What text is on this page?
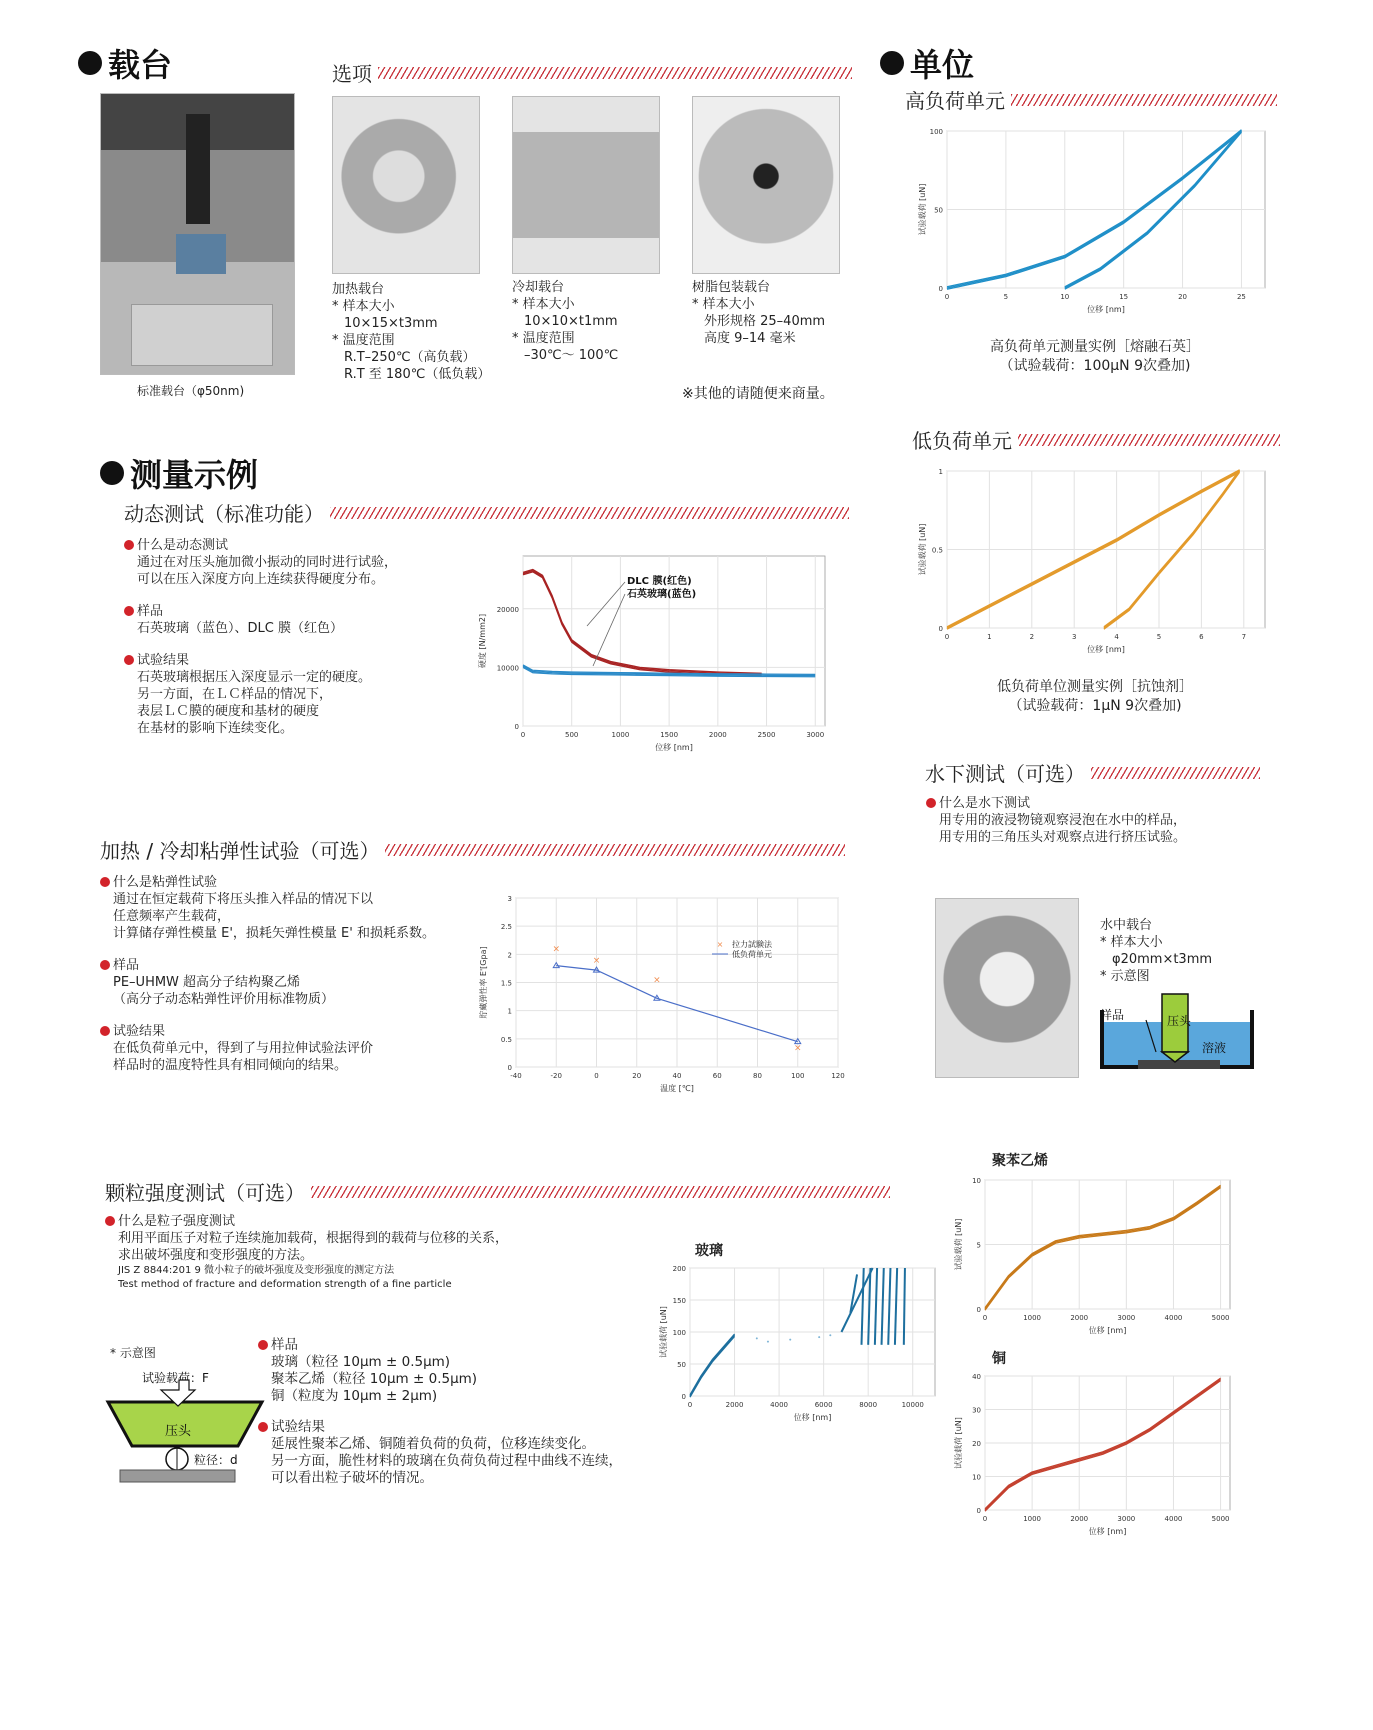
载台
标准载台（φ50nm)
选项
加热载台
* 样本大小
10×15×t3mm
* 温度范围
R.T–250℃（高负载）
R.T 至 180℃（低负载）
冷却载台
* 样本大小
10×10×t1mm
* 温度范围
–30℃～ 100℃
树脂包装载台
* 样本大小
外形规格 25–40mm
高度 9–14 毫米
※其他的请随便来商量。
单位
高负荷单元
0	5	10	15	20	25
0
50
100
位移 [nm]
试验载荷 [uN]
高负荷单元测量实例［熔融石英］
（试验载荷：100μN 9次叠加)
低负荷单元
0	1	2	3	4	5	6	7
0
0.5
1
位移 [nm]
试验载荷 [uN]
低负荷单位测量实例［抗蚀剂］
（试验载荷：1μN 9次叠加)
水下测试（可选）
什么是水下测试
用专用的液浸物镜观察浸泡在水中的样品，
用专用的三角压头对观察点进行挤压试验。
水中载台
* 样本大小
φ20mm×t3mm
* 示意图
样品	压头
溶液
测量示例
动态测试（标准功能）
什么是动态测试
通过在对压头施加微小振动的同时进行试验，
可以在压入深度方向上连续获得硬度分布。
样品
石英玻璃（蓝色）、DLC 膜（红色）
试验结果
石英玻璃根据压入深度显示一定的硬度。
另一方面，在ＬＣ样品的情况下，
表层ＬＣ膜的硬度和基材的硬度
在基材的影响下连续变化。	0	500	1000	1500	2000	2500	3000
0
10000
20000
位移 [nm]
硬度 [N/mm2]
DLC 膜(红色)
石英玻璃(蓝色)
加热 / 冷却粘弹性试验（可选）
什么是粘弹性试验
通过在恒定载荷下将压头推入样品的情况下以
任意频率产生载荷，
计算储存弹性模量 E'，损耗矢弹性模量 E' 和损耗系数。
样品
PE–UHMW 超高分子结构聚乙烯
（高分子动态粘弹性评价用标准物质）
试验结果
在低负荷单元中，得到了与用拉伸试验法评价
样品时的温度特性具有相同倾向的结果。
-40	-20	0	20	40	60	80	100	120
0
0.5
1
1.5
2
2.5
3
温度 [℃]
貯藏弹性率 E'[Gpa]	×
×
×
×
× 拉力試験法
低负荷单元
颗粒强度测试（可选）
什么是粒子强度测试
利用平面压子对粒子连续施加载荷，根据得到的载荷与位移的关系，
求出破坏强度和变形强度的方法。
JIS Z 8844:201 9 微小粒子的破坏强度及变形强度的测定方法
Test method of fracture and deformation strength of a fine particle
* 示意图
试验载荷：F
压头
粒径：d
样品
玻璃（粒径 10μm ± 0.5μm)
聚苯乙烯（粒径 10μm ± 0.5μm)
铜（粒度为 10μm ± 2μm)
试验结果
延展性聚苯乙烯、铜随着负荷的负荷，位移连续变化。
另一方面，脆性材料的玻璃在负荷负荷过程中曲线不连续，
可以看出粒子破坏的情况。
玻璃
0	2000	4000	6000	8000	10000
0
50
100
150
200
位移 [nm]
试验载荷 [uN]
聚苯乙烯
0	1000	2000	3000	4000	5000
0
5
10
位移 [nm]
试验载荷 [uN]
铜
0	1000	2000	3000	4000	5000
0
10
20
30
40
位移 [nm]
试验载荷 [uN]
